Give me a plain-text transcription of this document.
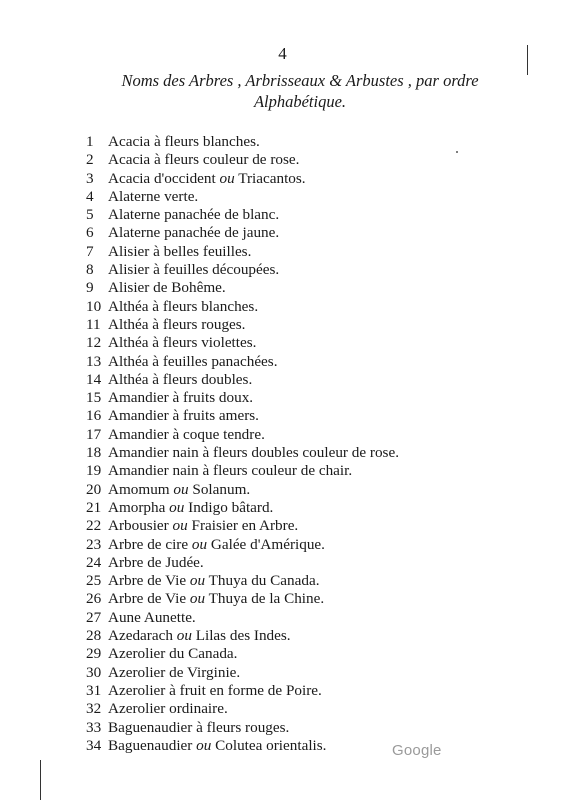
4
Noms des Arbres , Arbrisseaux & Arbustes , par ordre
Alphabétique.
1 Acacia à fleurs blanches.
2 Acacia à fleurs couleur de rose.
3 Acacia d'occident ou Triacantos.
4 Alaterne verte.
5 Alaterne panachée de blanc.
6 Alaterne panachée de jaune.
7 Alisier à belles feuilles.
8 Alisier à feuilles découpées.
9 Alisier de Bohême.
10 Althéa à fleurs blanches.
11 Althéa à fleurs rouges.
12 Althéa à fleurs violettes.
13 Althéa à feuilles panachées.
14 Althéa à fleurs doubles.
15 Amandier à fruits doux.
16 Amandier à fruits amers.
17 Amandier à coque tendre.
18 Amandier nain à fleurs doubles couleur de rose.
19 Amandier nain à fleurs couleur de chair.
20 Amomum ou Solanum.
21 Amorpha ou Indigo bâtard.
22 Arbousier ou Fraisier en Arbre.
23 Arbre de cire ou Galée d'Amérique.
24 Arbre de Judée.
25 Arbre de Vie ou Thuya du Canada.
26 Arbre de Vie ou Thuya de la Chine.
27 Aune Aunette.
28 Azedarach ou Lilas des Indes.
29 Azerolier du Canada.
30 Azerolier de Virginie.
31 Azerolier à fruit en forme de Poire.
32 Azerolier ordinaire.
33 Baguenaudier à fleurs rouges.
34 Baguenaudier ou Colutea orientalis.	Google
